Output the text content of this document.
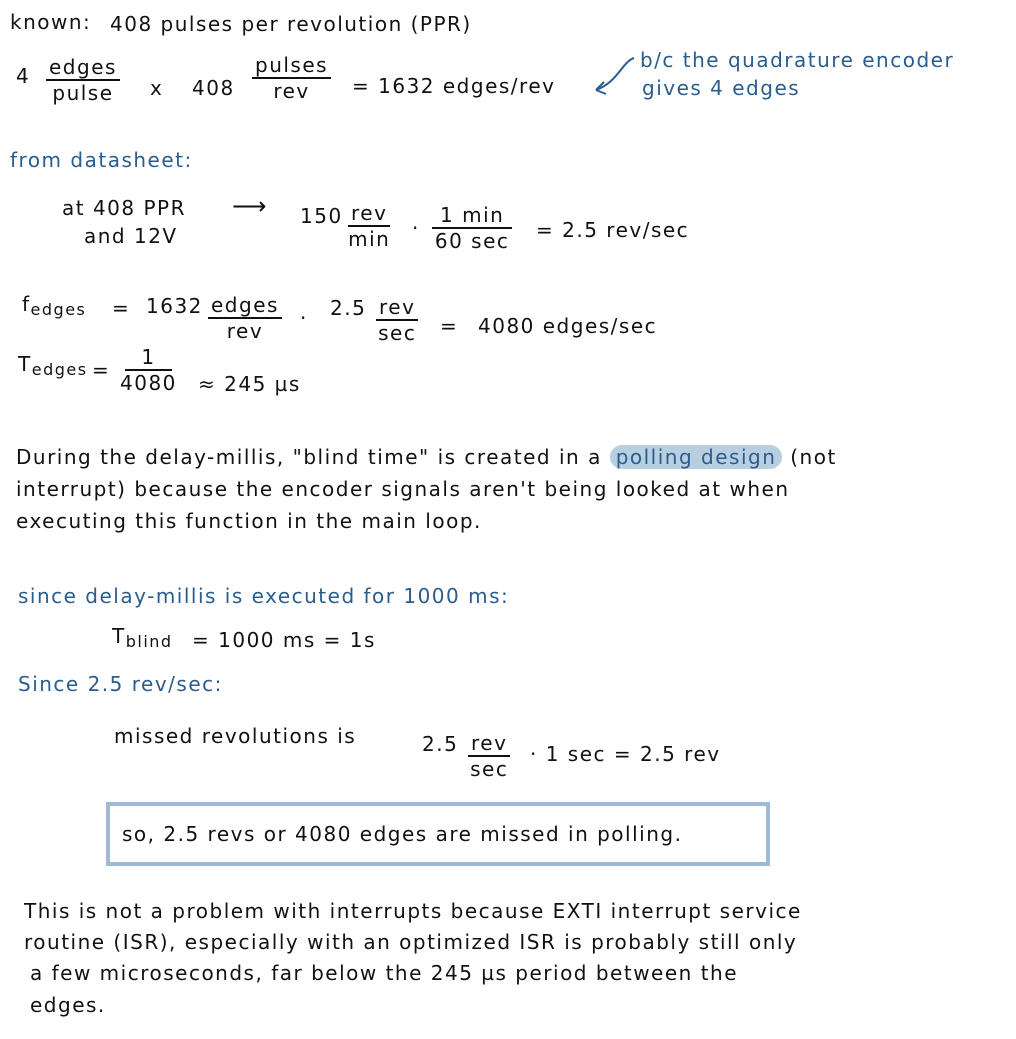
known: 408 pulses per revolution (PPR)
4 edges
pulse x 408
pulses
rev = 1632 edges/rev
b/c the quadrature encoder
gives 4 edges
from datasheet:
at 408 PPR
and 12V
⟶ 150 rev
min ·
1 min
60 sec = 2.5 rev/sec
$f_{edges} = 1632$ edges
rev
· 2.5 rev
sec = 4080 edges/sec
$T_{edges} = \frac{1}{4080} \approx 245$ µs
During the delay-millis, "blind time" is created in a polling design (not
interrupt) because the encoder signals aren't being looked at when
executing this function in the main loop.
since delay-millis is executed for 1000 ms:
$T_{blind} = 1000$ ms = 1s
Since 2.5 rev/sec:
missed revolutions is	2.5 rev
sec
· 1 sec = 2.5 rev
so, 2.5 revs or 4080 edges are missed in polling.
This is not a problem with interrupts because EXTI interrupt service
routine (ISR), especially with an optimized ISR is probably still only
a few microseconds, far below the 245 µs period between the
edges.
